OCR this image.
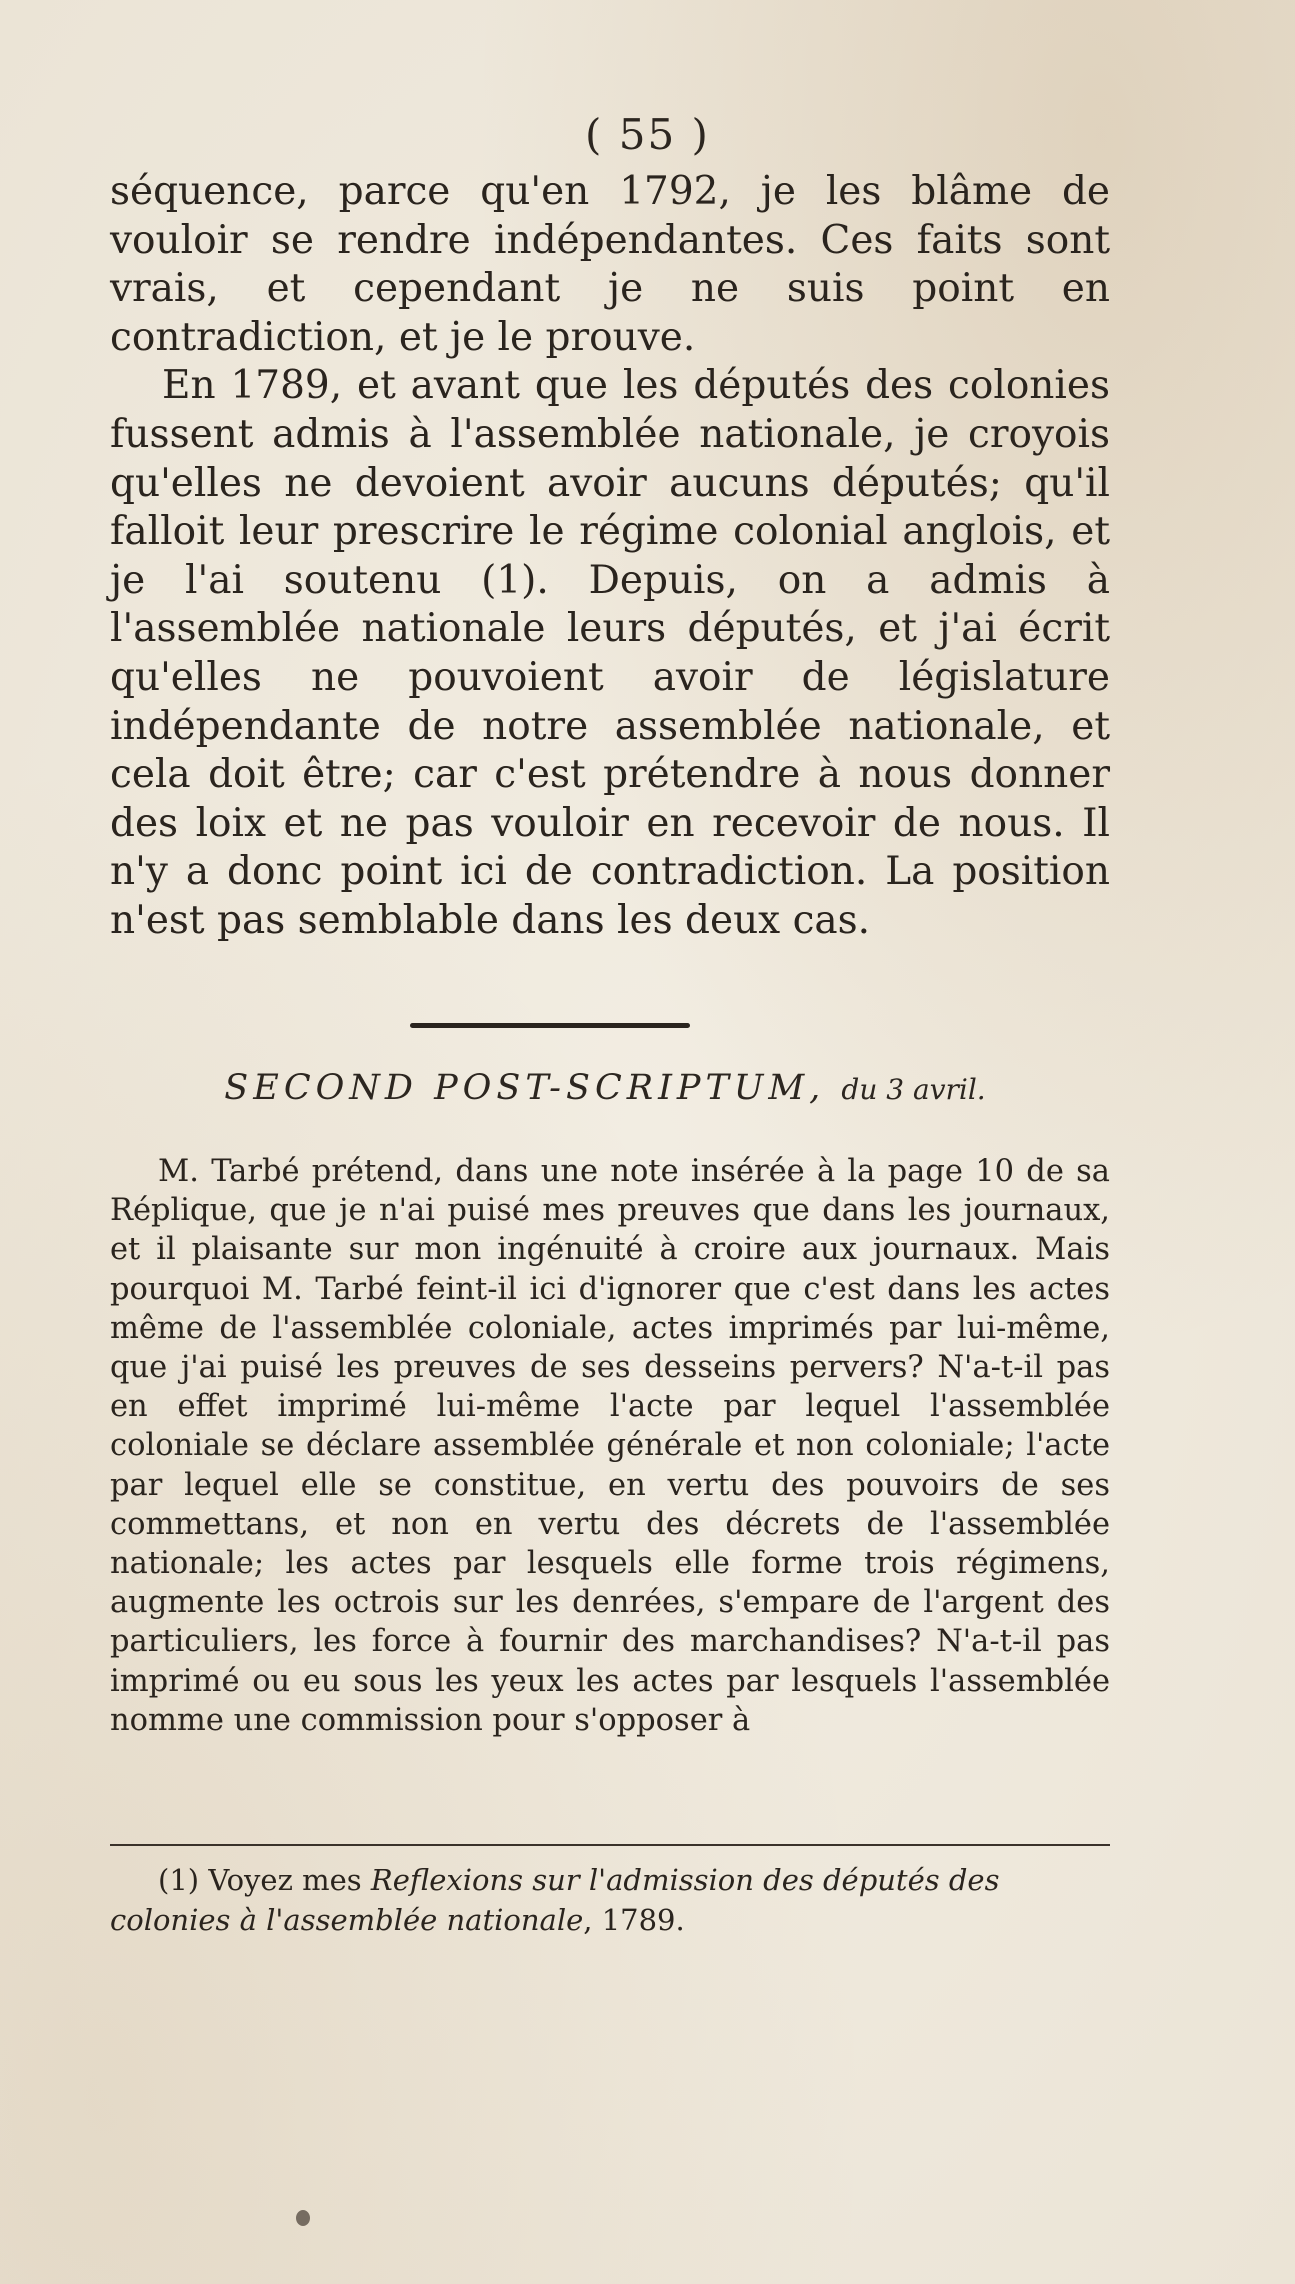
( 55 )

séquence, parce qu'en 1792, je les blâme de vouloir se rendre indépendantes. Ces faits sont vrais, et cependant je ne suis point en contradiction, et je le prouve.

En 1789, et avant que les députés des colonies fussent admis à l'assemblée nationale, je croyois qu'elles ne devoient avoir aucuns députés; qu'il falloit leur prescrire le régime colonial anglois, et je l'ai soutenu (1). Depuis, on a admis à l'assemblée nationale leurs députés, et j'ai écrit qu'elles ne pouvoient avoir de législature indépendante de notre assemblée nationale, et cela doit être; car c'est prétendre à nous donner des loix et ne pas vouloir en recevoir de nous. Il n'y a donc point ici de contradiction. La position n'est pas semblable dans les deux cas.

SECOND POST-SCRIPTUM, du 3 avril.

M. Tarbé prétend, dans une note insérée à la page 10 de sa Réplique, que je n'ai puisé mes preuves que dans les journaux, et il plaisante sur mon ingénuité à croire aux journaux. Mais pourquoi M. Tarbé feint-il ici d'ignorer que c'est dans les actes même de l'assemblée coloniale, actes imprimés par lui-même, que j'ai puisé les preuves de ses desseins pervers? N'a-t-il pas en effet imprimé lui-même l'acte par lequel l'assemblée coloniale se déclare assemblée générale et non coloniale; l'acte par lequel elle se constitue, en vertu des pouvoirs de ses commettans, et non en vertu des décrets de l'assemblée nationale; les actes par lesquels elle forme trois régimens, augmente les octrois sur les denrées, s'empare de l'argent des particuliers, les force à fournir des marchandises? N'a-t-il pas imprimé ou eu sous les yeux les actes par lesquels l'assemblée nomme une commission pour s'opposer à

(1) Voyez mes Reflexions sur l'admission des députés des colonies à l'assemblée nationale, 1789.
